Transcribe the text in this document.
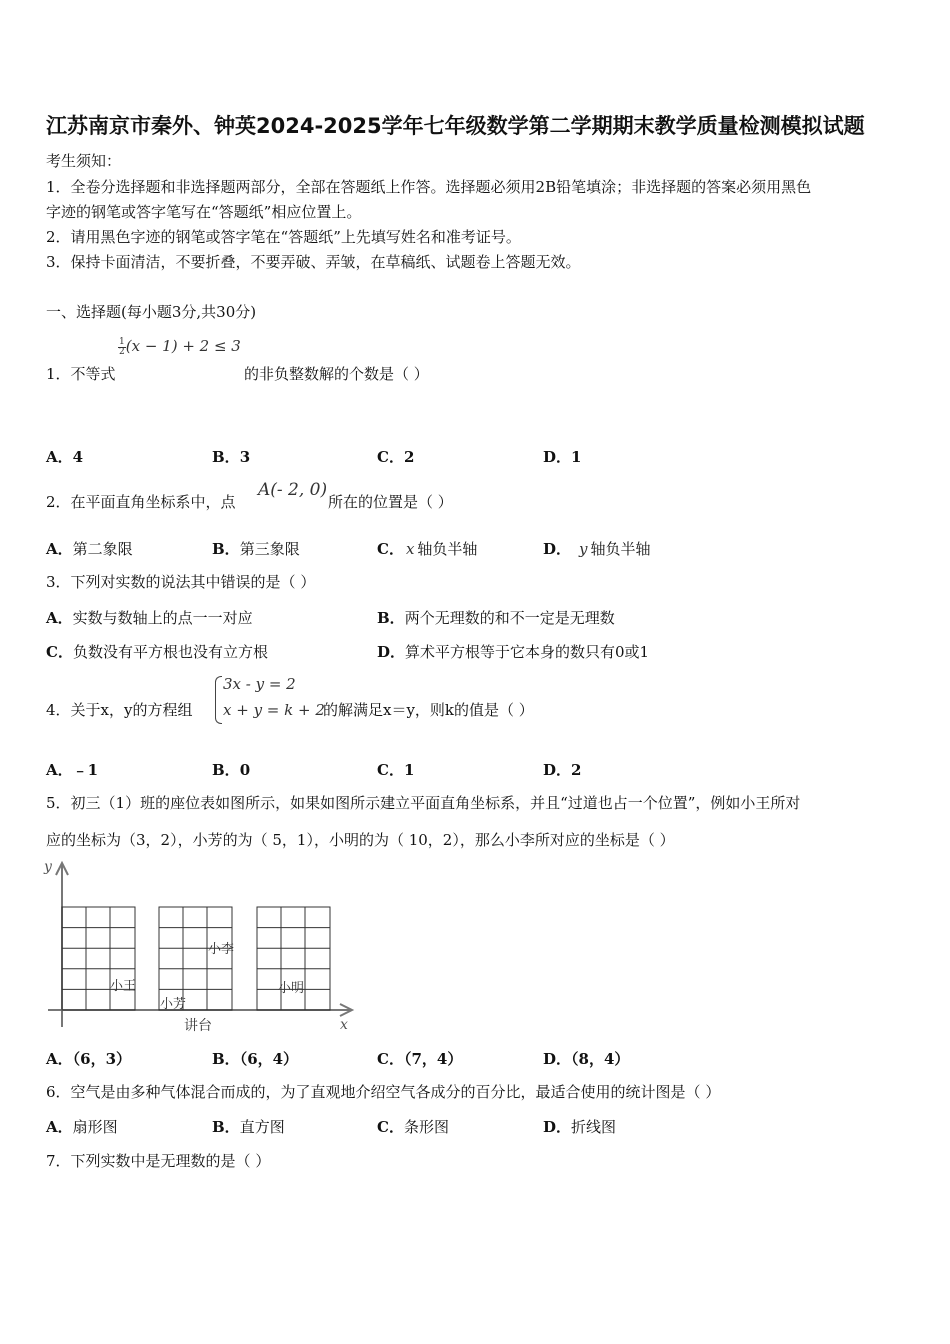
江苏南京市秦外、钟英2024-2025学年七年级数学第二学期期末教学质量检测模拟试题
考生须知：
1．全卷分选择题和非选择题两部分，全部在答题纸上作答。选择题必须用2B铅笔填涂；非选择题的答案必须用黑色
字迹的钢笔或答字笔写在“答题纸”相应位置上。
2．请用黑色字迹的钢笔或答字笔在“答题纸”上先填写姓名和准考证号。
3．保持卡面清洁，不要折叠，不要弄破、弄皱，在草稿纸、试题卷上答题无效。
一、选择题(每小题3分,共30分)
$\frac{1}{2} (x - 1) + 2 \le 3$
1．不等式	的非负整数解的个数是（ ）
A．4	B．3	C．2	D．1
2．在平面直角坐标系中，点
A(- 2, 0)
所在的位置是（ ）
A．第二象限	B．第三象限	C． x 轴负半轴	D． y 轴负半轴
3．下列对实数的说法其中错误的是（ ）
A．实数与数轴上的点一一对应	B．两个无理数的和不一定是无理数
C．负数没有平方根也没有立方根	D．算术平方根等于它本身的数只有0或1
4．关于x，y的方程组
3x - y = 2
x + y = k + 2
的解满足x＝y，则k的值是（ ）
A．﹣1	B．0	C．1	D．2
5．初三（1）班的座位表如图所示，如果如图所示建立平面直角坐标系，并且“过道也占一个位置”，例如小王所对
应的坐标为（3，2），小芳的为（ 5，1），小明的为（ 10，2），那么小李所对应的坐标是（ ）
y
x
讲台
小王
小芳
小李
小明
A．（6，3）	B．（6，4）	C．（7，4）	D．（8，4）
6．空气是由多种气体混合而成的，为了直观地介绍空气各成分的百分比，最适合使用的统计图是（ ）
A．扇形图	B．直方图	C．条形图	D．折线图
7．下列实数中是无理数的是（ ）
